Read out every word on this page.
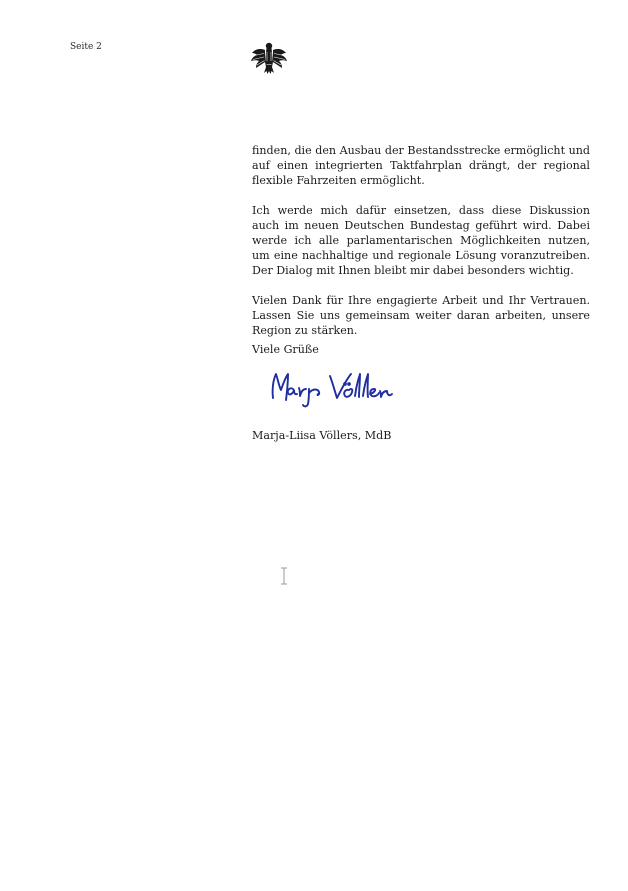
Seite 2

finden, die den Ausbau der Bestandsstrecke ermöglicht und auf einen integrierten Taktfahrplan drängt, der regional flexible Fahrzeiten ermöglicht.

Ich werde mich dafür einsetzen, dass diese Diskussion auch im neuen Deutschen Bundestag geführt wird. Dabei werde ich alle parlamentarischen Möglichkeiten nutzen, um eine nachhaltige und regionale Lösung voranzutreiben. Der Dialog mit Ihnen bleibt mir dabei besonders wichtig.

Vielen Dank für Ihre engagierte Arbeit und Ihr Vertrauen. Lassen Sie uns gemeinsam weiter daran arbeiten, unsere Region zu stärken.

Viele Grüße
Marja-Liisa Völlers, MdB
